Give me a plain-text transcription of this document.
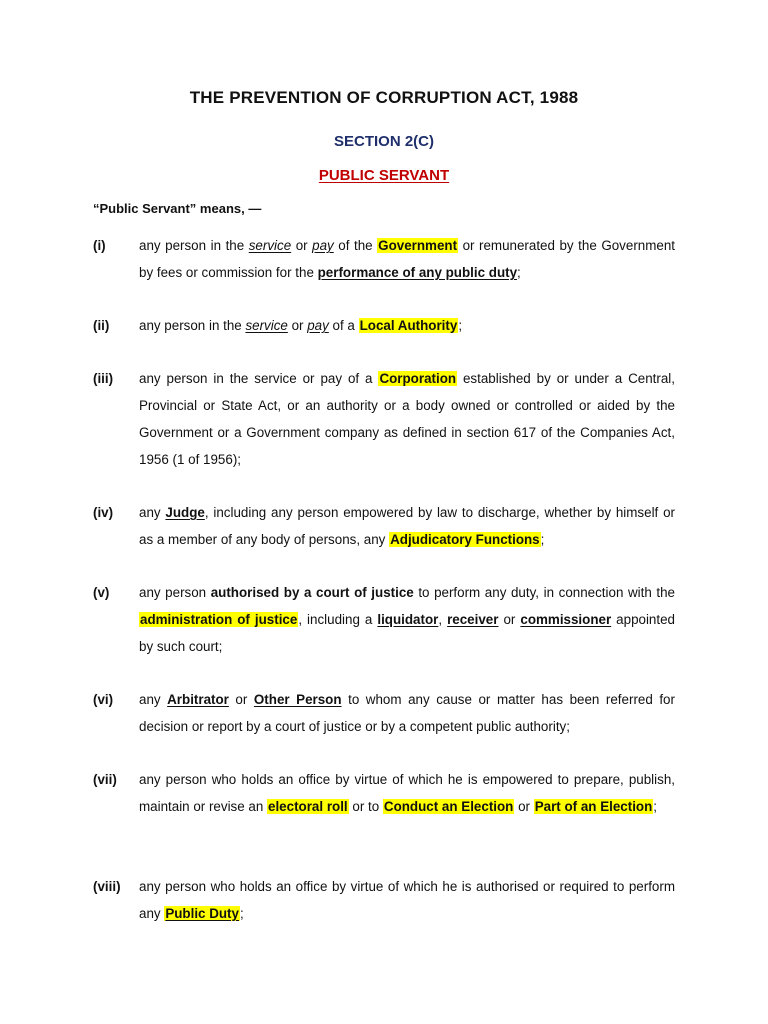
THE PREVENTION OF CORRUPTION ACT, 1988
SECTION 2(C)
PUBLIC SERVANT
“Public Servant” means, —
(i) any person in the service or pay of the Government or remunerated by the Government by fees or commission for the performance of any public duty;
(ii) any person in the service or pay of a Local Authority;
(iii) any person in the service or pay of a Corporation established by or under a Central, Provincial or State Act, or an authority or a body owned or controlled or aided by the Government or a Government company as defined in section 617 of the Companies Act, 1956 (1 of 1956);
(iv) any Judge, including any person empowered by law to discharge, whether by himself or as a member of any body of persons, any Adjudicatory Functions;
(v) any person authorised by a court of justice to perform any duty, in connection with the administration of justice, including a liquidator, receiver or commissioner appointed by such court;
(vi) any Arbitrator or Other Person to whom any cause or matter has been referred for decision or report by a court of justice or by a competent public authority;
(vii) any person who holds an office by virtue of which he is empowered to prepare, publish, maintain or revise an electoral roll or to Conduct an Election or Part of an Election;
(viii) any person who holds an office by virtue of which he is authorised or required to perform any Public Duty;
